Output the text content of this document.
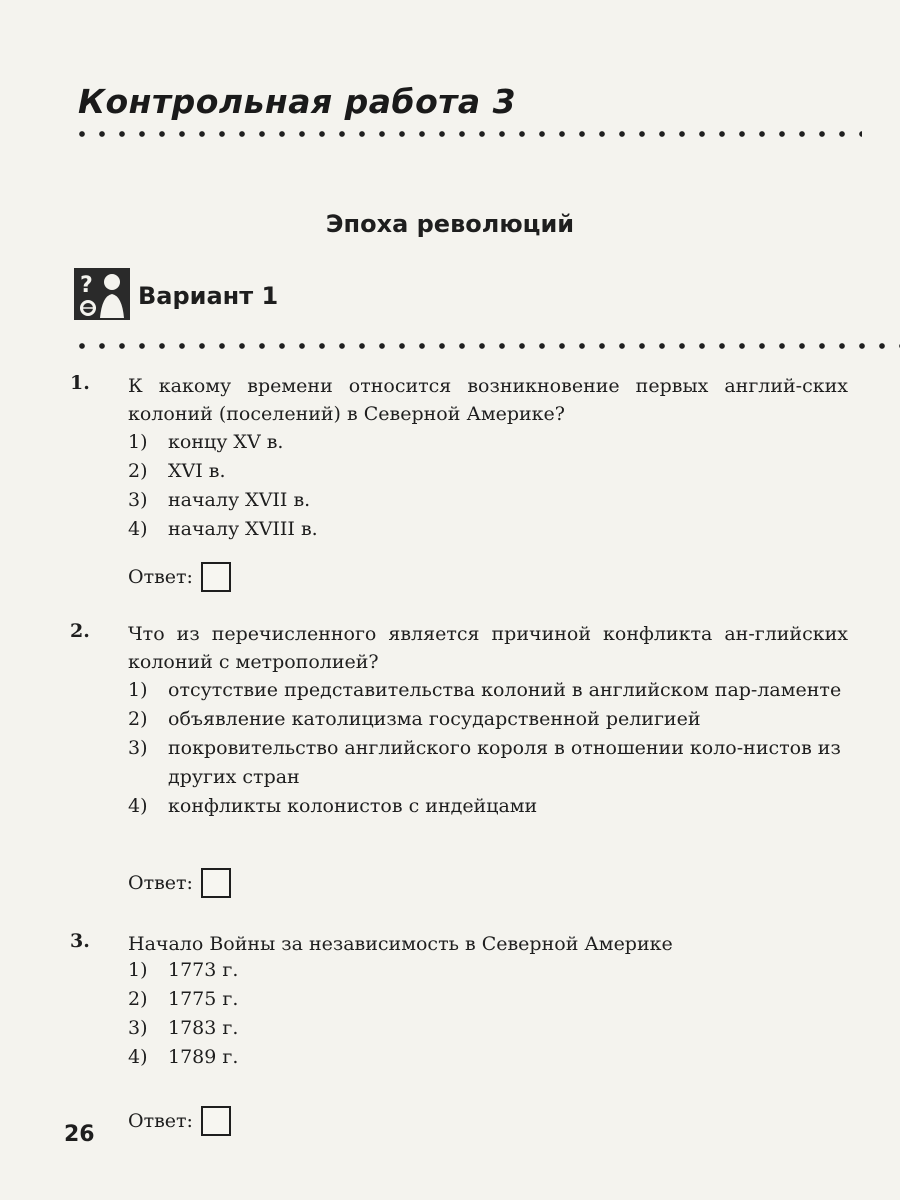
Контрольная работа 3
Эпоха революций
? Вариант 1
1.	К какому времени относится возникновение первых англий-ских колоний (поселений) в Северной Америке?
1) концу XV в.
2) XVI в.
3) началу XVII в.
4) началу XVIII в.
Ответ:
2.	Что из перечисленного является причиной конфликта ан-глийских колоний с метрополией?
1) отсутствие представительства колоний в английском пар-ламенте
2) объявление католицизма государственной религией
3) покровительство английского короля в отношении коло-нистов из других стран
4) конфликты колонистов с индейцами
Ответ:
3.	Начало Войны за независимость в Северной Америке
1) 1773 г.
2) 1775 г.
3) 1783 г.
4) 1789 г.
Ответ:
26
